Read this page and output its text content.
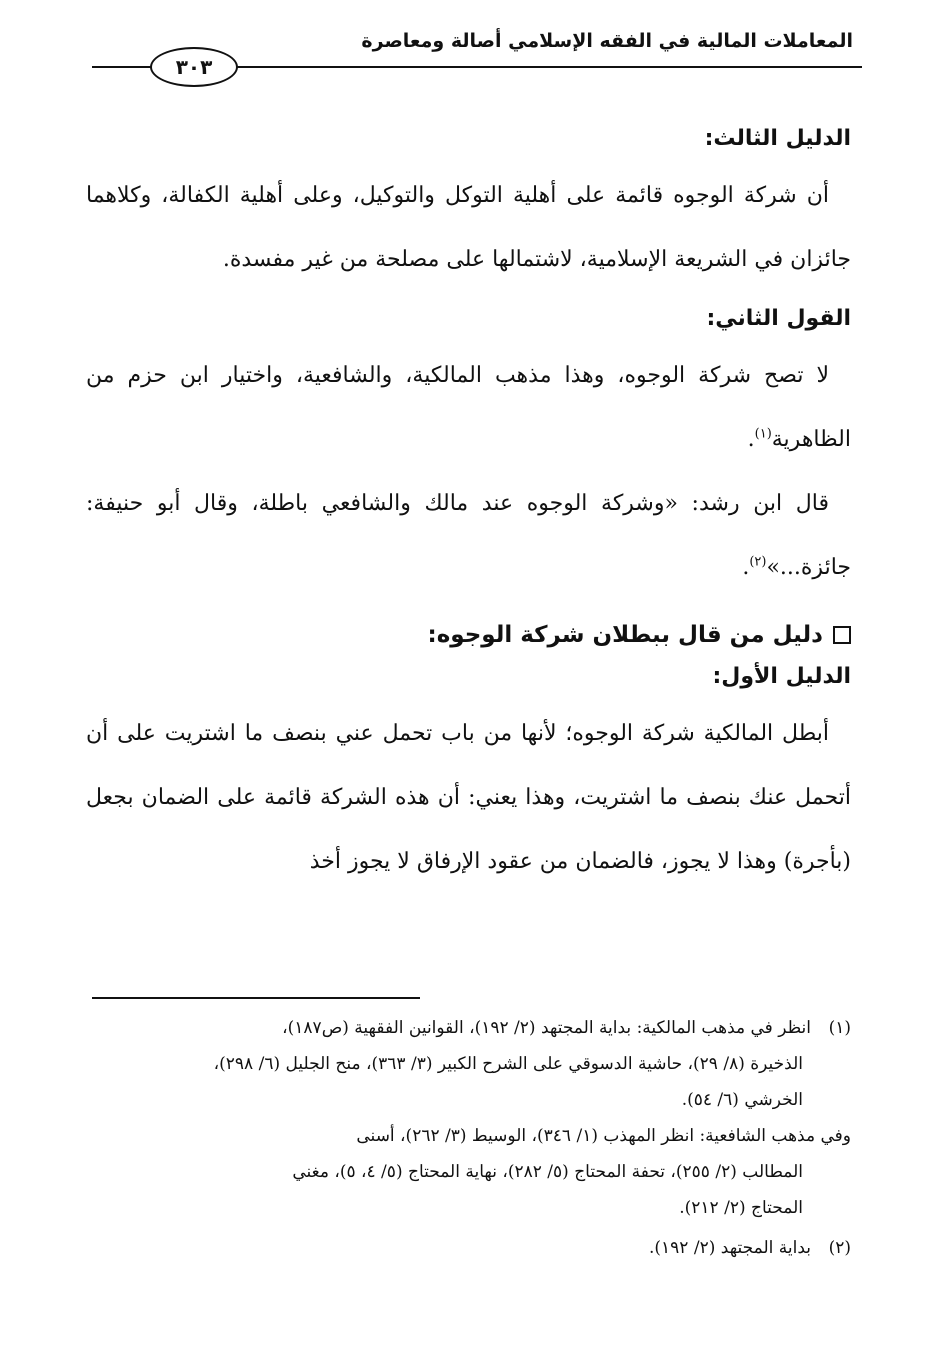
المعاملات المالية في الفقه الإسلامي أصالة ومعاصرة
٣٠٣
الدليل الثالث:

أن شركة الوجوه قائمة على أهلية التوكل والتوكيل، وعلى أهلية الكفالة، وكلاهما جائزان في الشريعة الإسلامية، لاشتمالها على مصلحة من غير مفسدة.

القول الثاني:

لا تصح شركة الوجوه، وهذا مذهب المالكية، والشافعية، واختيار ابن حزم من الظاهرية$^{(١)}$.

قال ابن رشد: «وشركة الوجوه عند مالك والشافعي باطلة، وقال أبو حنيفة: جائزة...»$^{(٢)}$.

دليل من قال ببطلان شركة الوجوه:
الدليل الأول:

أبطل المالكية شركة الوجوه؛ لأنها من باب تحمل عني بنصف ما اشتريت على أن أتحمل عنك بنصف ما اشتريت، وهذا يعني: أن هذه الشركة قائمة على الضمان بجعل (بأجرة) وهذا لا يجوز، فالضمان من عقود الإرفاق لا يجوز أخذ

(١)انظر في مذهب المالكية: بداية المجتهد (٢/ ١٩٢)، القوانين الفقهية (ص١٨٧)،

الذخيرة (٨/ ٢٩)، حاشية الدسوقي على الشرح الكبير (٣/ ٣٦٣)، منح الجليل (٦/ ٢٩٨)،

الخرشي (٦/ ٥٤).

وفي مذهب الشافعية: انظر المهذب (١/ ٣٤٦)، الوسيط (٣/ ٢٦٢)، أسنى

المطالب (٢/ ٢٥٥)، تحفة المحتاج (٥/ ٢٨٢)، نهاية المحتاج (٥/ ٤، ٥)، مغني

المحتاج (٢/ ٢١٢).

(٢)بداية المجتهد (٢/ ١٩٢).
